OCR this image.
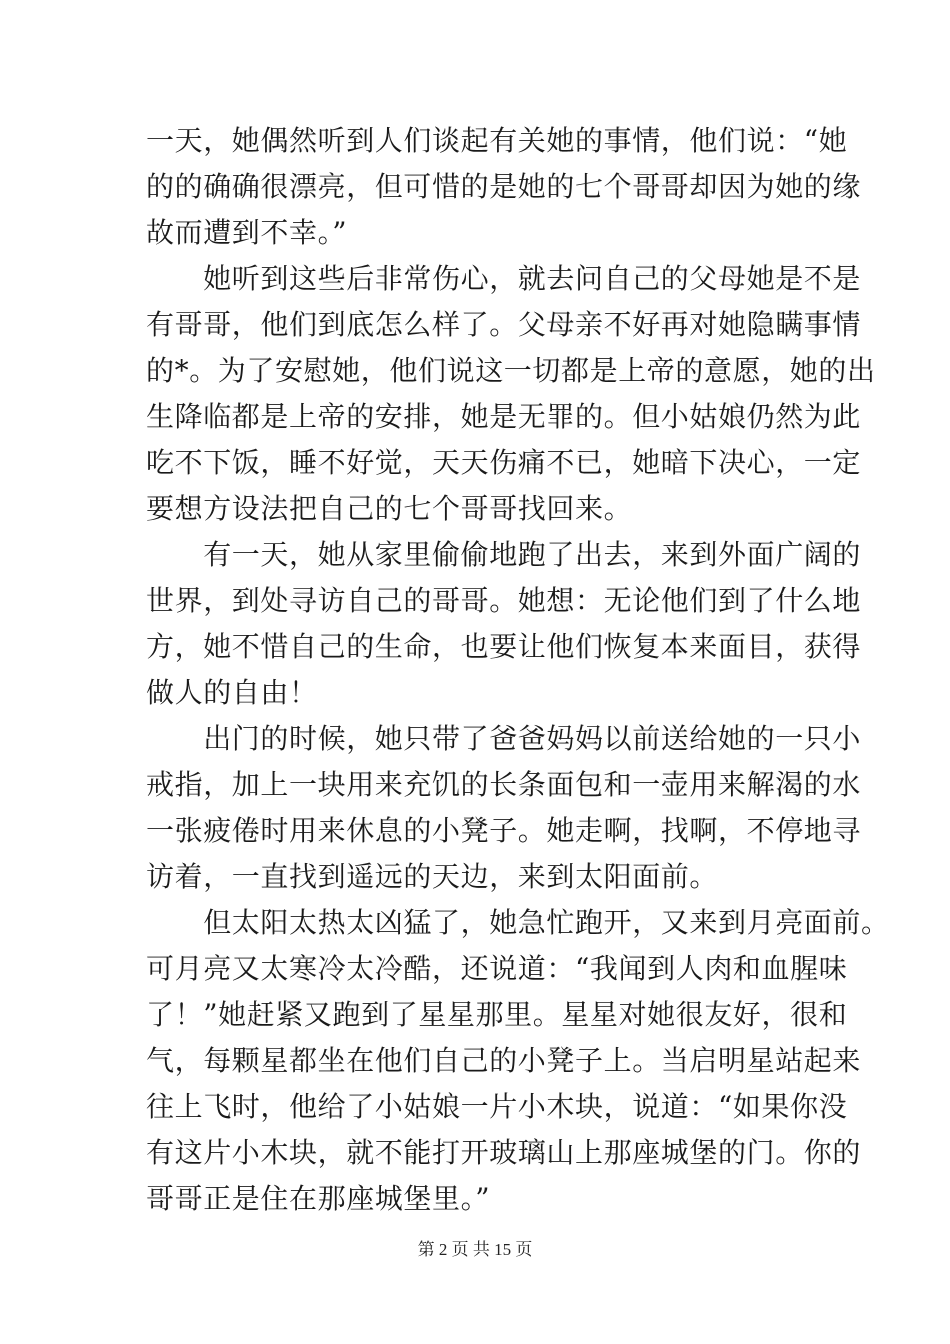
一天，她偶然听到人们谈起有关她的事情，他们说：“她
的的确确很漂亮，但可惜的是她的七个哥哥却因为她的缘
故而遭到不幸。”
　　她听到这些后非常伤心，就去问自己的父母她是不是
有哥哥，他们到底怎么样了。父母亲不好再对她隐瞒事情
的*。为了安慰她，他们说这一切都是上帝的意愿，她的出
生降临都是上帝的安排，她是无罪的。但小姑娘仍然为此
吃不下饭，睡不好觉，天天伤痛不已，她暗下决心，一定
要想方设法把自己的七个哥哥找回来。
　　有一天，她从家里偷偷地跑了出去，来到外面广阔的
世界，到处寻访自己的哥哥。她想：无论他们到了什么地
方，她不惜自己的生命，也要让他们恢复本来面目，获得
做人的自由！
　　出门的时候，她只带了爸爸妈妈以前送给她的一只小
戒指，加上一块用来充饥的长条面包和一壶用来解渴的水
一张疲倦时用来休息的小凳子。她走啊，找啊，不停地寻
访着，一直找到遥远的天边，来到太阳面前。
　　但太阳太热太凶猛了，她急忙跑开，又来到月亮面前。
可月亮又太寒冷太冷酷，还说道：“我闻到人肉和血腥味
了！”她赶紧又跑到了星星那里。星星对她很友好，很和
气，每颗星都坐在他们自己的小凳子上。当启明星站起来
往上飞时，他给了小姑娘一片小木块，说道：“如果你没
有这片小木块，就不能打开玻璃山上那座城堡的门。你的
哥哥正是住在那座城堡里。”
第 2 页 共 15 页
